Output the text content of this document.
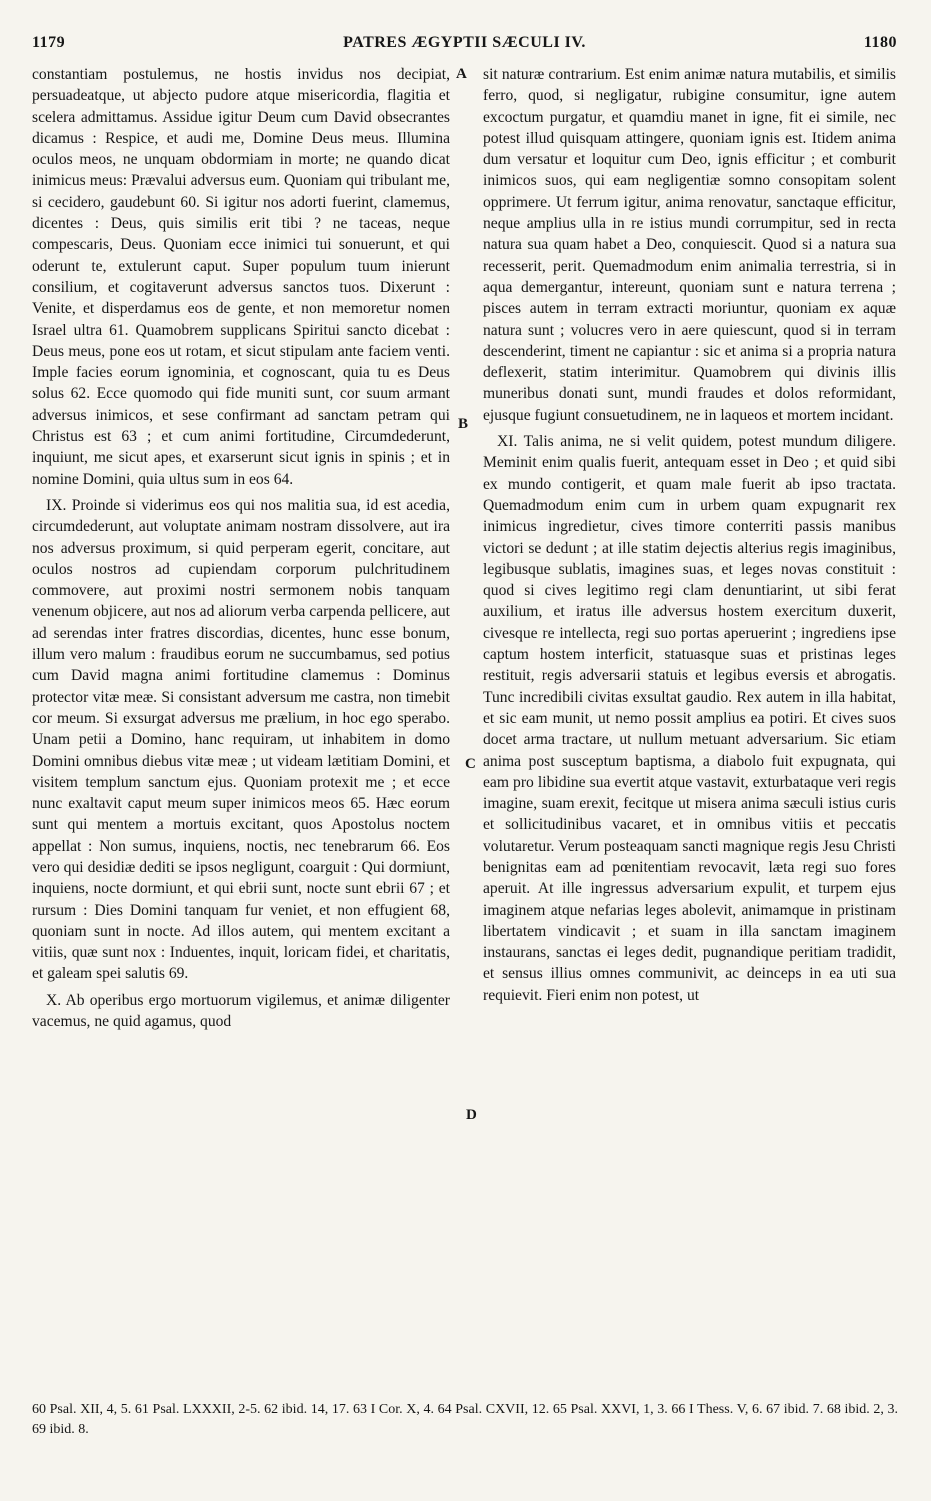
1179	PATRES ÆGYPTII SÆCULI IV.	1180

constantiam postulemus, ne hostis invidus nos decipiat, persuadeatque, ut abjecto pudore atque misericordia, flagitia et scelera admittamus. Assidue igitur Deum cum David obsecrantes dicamus : Respice, et audi me, Domine Deus meus. Illumina oculos meos, ne unquam obdormiam in morte; ne quando dicat inimicus meus: Prævalui adversus eum. Quoniam qui tribulant me, si cecidero, gaudebunt 60. Si igitur nos adorti fuerint, clamemus, dicentes : Deus, quis similis erit tibi ? ne taceas, neque compescaris, Deus. Quoniam ecce inimici tui sonuerunt, et qui oderunt te, extulerunt caput. Super populum tuum inierunt consilium, et cogitaverunt adversus sanctos tuos. Dixerunt : Venite, et disperdamus eos de gente, et non memoretur nomen Israel ultra 61. Quamobrem supplicans Spiritui sancto dicebat : Deus meus, pone eos ut rotam, et sicut stipulam ante faciem venti. Imple facies eorum ignominia, et cognoscant, quia tu es Deus solus 62. Ecce quomodo qui fide muniti sunt, cor suum armant adversus inimicos, et sese confirmant ad sanctam petram qui Christus est 63 ; et cum animi fortitudine, Circumdederunt, inquiunt, me sicut apes, et exarserunt sicut ignis in spinis ; et in nomine Domini, quia ultus sum in eos 64.

IX. Proinde si viderimus eos qui nos malitia sua, id est acedia, circumdederunt, aut voluptate animam nostram dissolvere, aut ira nos adversus proximum, si quid perperam egerit, concitare, aut oculos nostros ad cupiendam corporum pulchritudinem commovere, aut proximi nostri sermonem nobis tanquam venenum objicere, aut nos ad aliorum verba carpenda pellicere, aut ad serendas inter fratres discordias, dicentes, hunc esse bonum, illum vero malum : fraudibus eorum ne succumbamus, sed potius cum David magna animi fortitudine clamemus : Dominus protector vitæ meæ. Si consistant adversum me castra, non timebit cor meum. Si exsurgat adversus me prælium, in hoc ego sperabo. Unam petii a Domino, hanc requiram, ut inhabitem in domo Domini omnibus diebus vitæ meæ ; ut videam lætitiam Domini, et visitem templum sanctum ejus. Quoniam protexit me ; et ecce nunc exaltavit caput meum super inimicos meos 65. Hæc eorum sunt qui mentem a mortuis excitant, quos Apostolus noctem appellat : Non sumus, inquiens, noctis, nec tenebrarum 66. Eos vero qui desidiæ dediti se ipsos negligunt, coarguit : Qui dormiunt, inquiens, nocte dormiunt, et qui ebrii sunt, nocte sunt ebrii 67 ; et rursum : Dies Domini tanquam fur veniet, et non effugient 68, quoniam sunt in nocte. Ad illos autem, qui mentem excitant a vitiis, quæ sunt nox : Induentes, inquit, loricam fidei, et charitatis, et galeam spei salutis 69.

X. Ab operibus ergo mortuorum vigilemus, et animæ diligenter vacemus, ne quid agamus, quod

A
B
C
D

sit naturæ contrarium. Est enim animæ natura mutabilis, et similis ferro, quod, si negligatur, rubigine consumitur, igne autem excoctum purgatur, et quamdiu manet in igne, fit ei simile, nec potest illud quisquam attingere, quoniam ignis est. Itidem anima dum versatur et loquitur cum Deo, ignis efficitur ; et comburit inimicos suos, qui eam negligentiæ somno consopitam solent opprimere. Ut ferrum igitur, anima renovatur, sanctaque efficitur, neque amplius ulla in re istius mundi corrumpitur, sed in recta natura sua quam habet a Deo, conquiescit. Quod si a natura sua recesserit, perit. Quemadmodum enim animalia terrestria, si in aqua demergantur, intereunt, quoniam sunt e natura terrena ; pisces autem in terram extracti moriuntur, quoniam ex aquæ natura sunt ; volucres vero in aere quiescunt, quod si in terram descenderint, timent ne capiantur : sic et anima si a propria natura deflexerit, statim interimitur. Quamobrem qui divinis illis muneribus donati sunt, mundi fraudes et dolos reformidant, ejusque fugiunt consuetudinem, ne in laqueos et mortem incidant.

XI. Talis anima, ne si velit quidem, potest mundum diligere. Meminit enim qualis fuerit, antequam esset in Deo ; et quid sibi ex mundo contigerit, et quam male fuerit ab ipso tractata. Quemadmodum enim cum in urbem quam expugnarit rex inimicus ingredietur, cives timore conterriti passis manibus victori se dedunt ; at ille statim dejectis alterius regis imaginibus, legibusque sublatis, imagines suas, et leges novas constituit : quod si cives legitimo regi clam denuntiarint, ut sibi ferat auxilium, et iratus ille adversus hostem exercitum duxerit, civesque re intellecta, regi suo portas aperuerint ; ingrediens ipse captum hostem interficit, statuasque suas et pristinas leges restituit, regis adversarii statuis et legibus eversis et abrogatis. Tunc incredibili civitas exsultat gaudio. Rex autem in illa habitat, et sic eam munit, ut nemo possit amplius ea potiri. Et cives suos docet arma tractare, ut nullum metuant adversarium. Sic etiam anima post susceptum baptisma, a diabolo fuit expugnata, qui eam pro libidine sua evertit atque vastavit, exturbataque veri regis imagine, suam erexit, fecitque ut misera anima sæculi istius curis et sollicitudinibus vacaret, et in omnibus vitiis et peccatis volutaretur. Verum posteaquam sancti magnique regis Jesu Christi benignitas eam ad pœnitentiam revocavit, læta regi suo fores aperuit. At ille ingressus adversarium expulit, et turpem ejus imaginem atque nefarias leges abolevit, animamque in pristinam libertatem vindicavit ; et suam in illa sanctam imaginem instaurans, sanctas ei leges dedit, pugnandique peritiam tradidit, et sensus illius omnes communivit, ac deinceps in ea uti sua requievit. Fieri enim non potest, ut

60 Psal. XII, 4, 5. 61 Psal. LXXXII, 2-5. 62 ibid. 14, 17. 63 I Cor. X, 4. 64 Psal. CXVII, 12. 65 Psal. XXVI, 1, 3. 66 I Thess. V, 6. 67 ibid. 7. 68 ibid. 2, 3. 69 ibid. 8.
